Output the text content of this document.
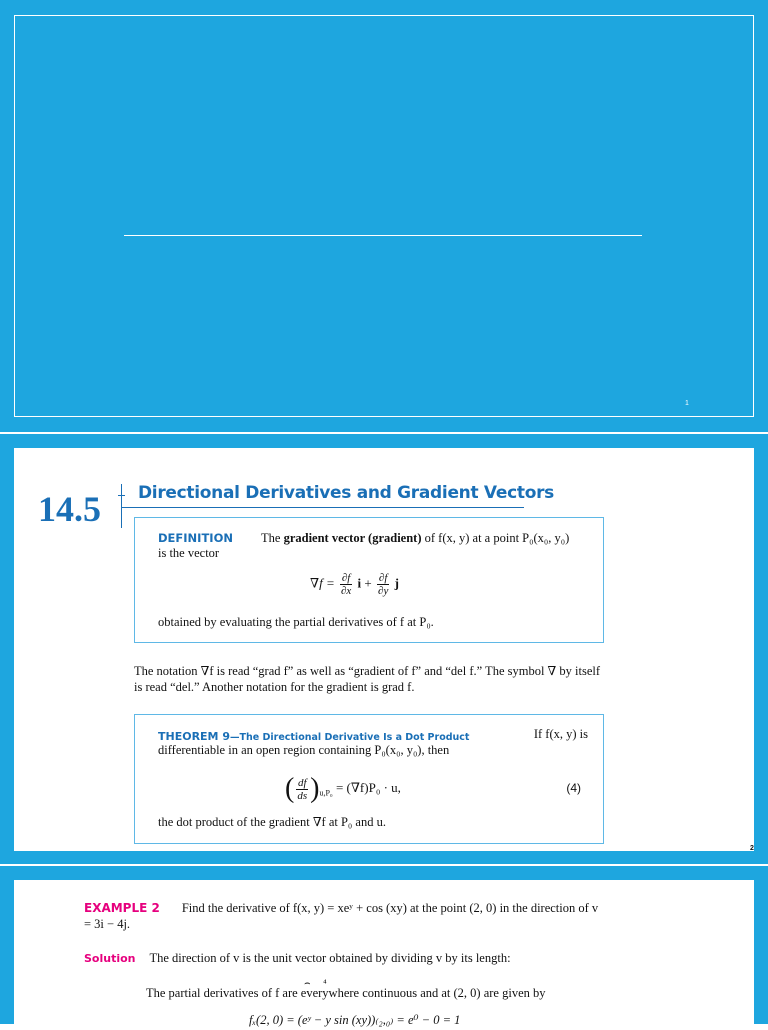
1
14.5 Directional Derivatives and Gradient Vectors
DEFINITION The gradient vector (gradient) of f(x, y) at a point P₀(x₀, y₀)
is the vector
$\nabla f = \frac{\partial f}{\partial x}$ $i + \frac{\partial f}{\partial y}$ j
obtained by evaluating the partial derivatives of f at P₀.
The notation ∇f is read “grad f” as well as “gradient of f” and “del f.” The symbol ∇ by itself is read “del.” Another notation for the gradient is grad f.
THEOREM 9—The Directional Derivative Is a Dot Product	If f(x, y) is
differentiable in an open region containing P₀(x₀, y₀), then
( $\frac{df}{ds} )_{u,P_0} = (\nabla f)P_0 \cdot u$,	(4)
the dot product of the gradient ∇f at P₀ and u.
2
EXAMPLE 2 Find the derivative of f(x, y) = xeʸ + cos (xy) at the point (2, 0) in the direction of v = 3i − 4j.
Solution The direction of v is the unit vector obtained by dividing v by its length:
⌢     ⁴
The partial derivatives of f are everywhere continuous and at (2, 0) are given by
fₓ(2, 0) = (eʸ − y sin (xy))₍₂,₀₎ = e⁰ − 0 = 1
